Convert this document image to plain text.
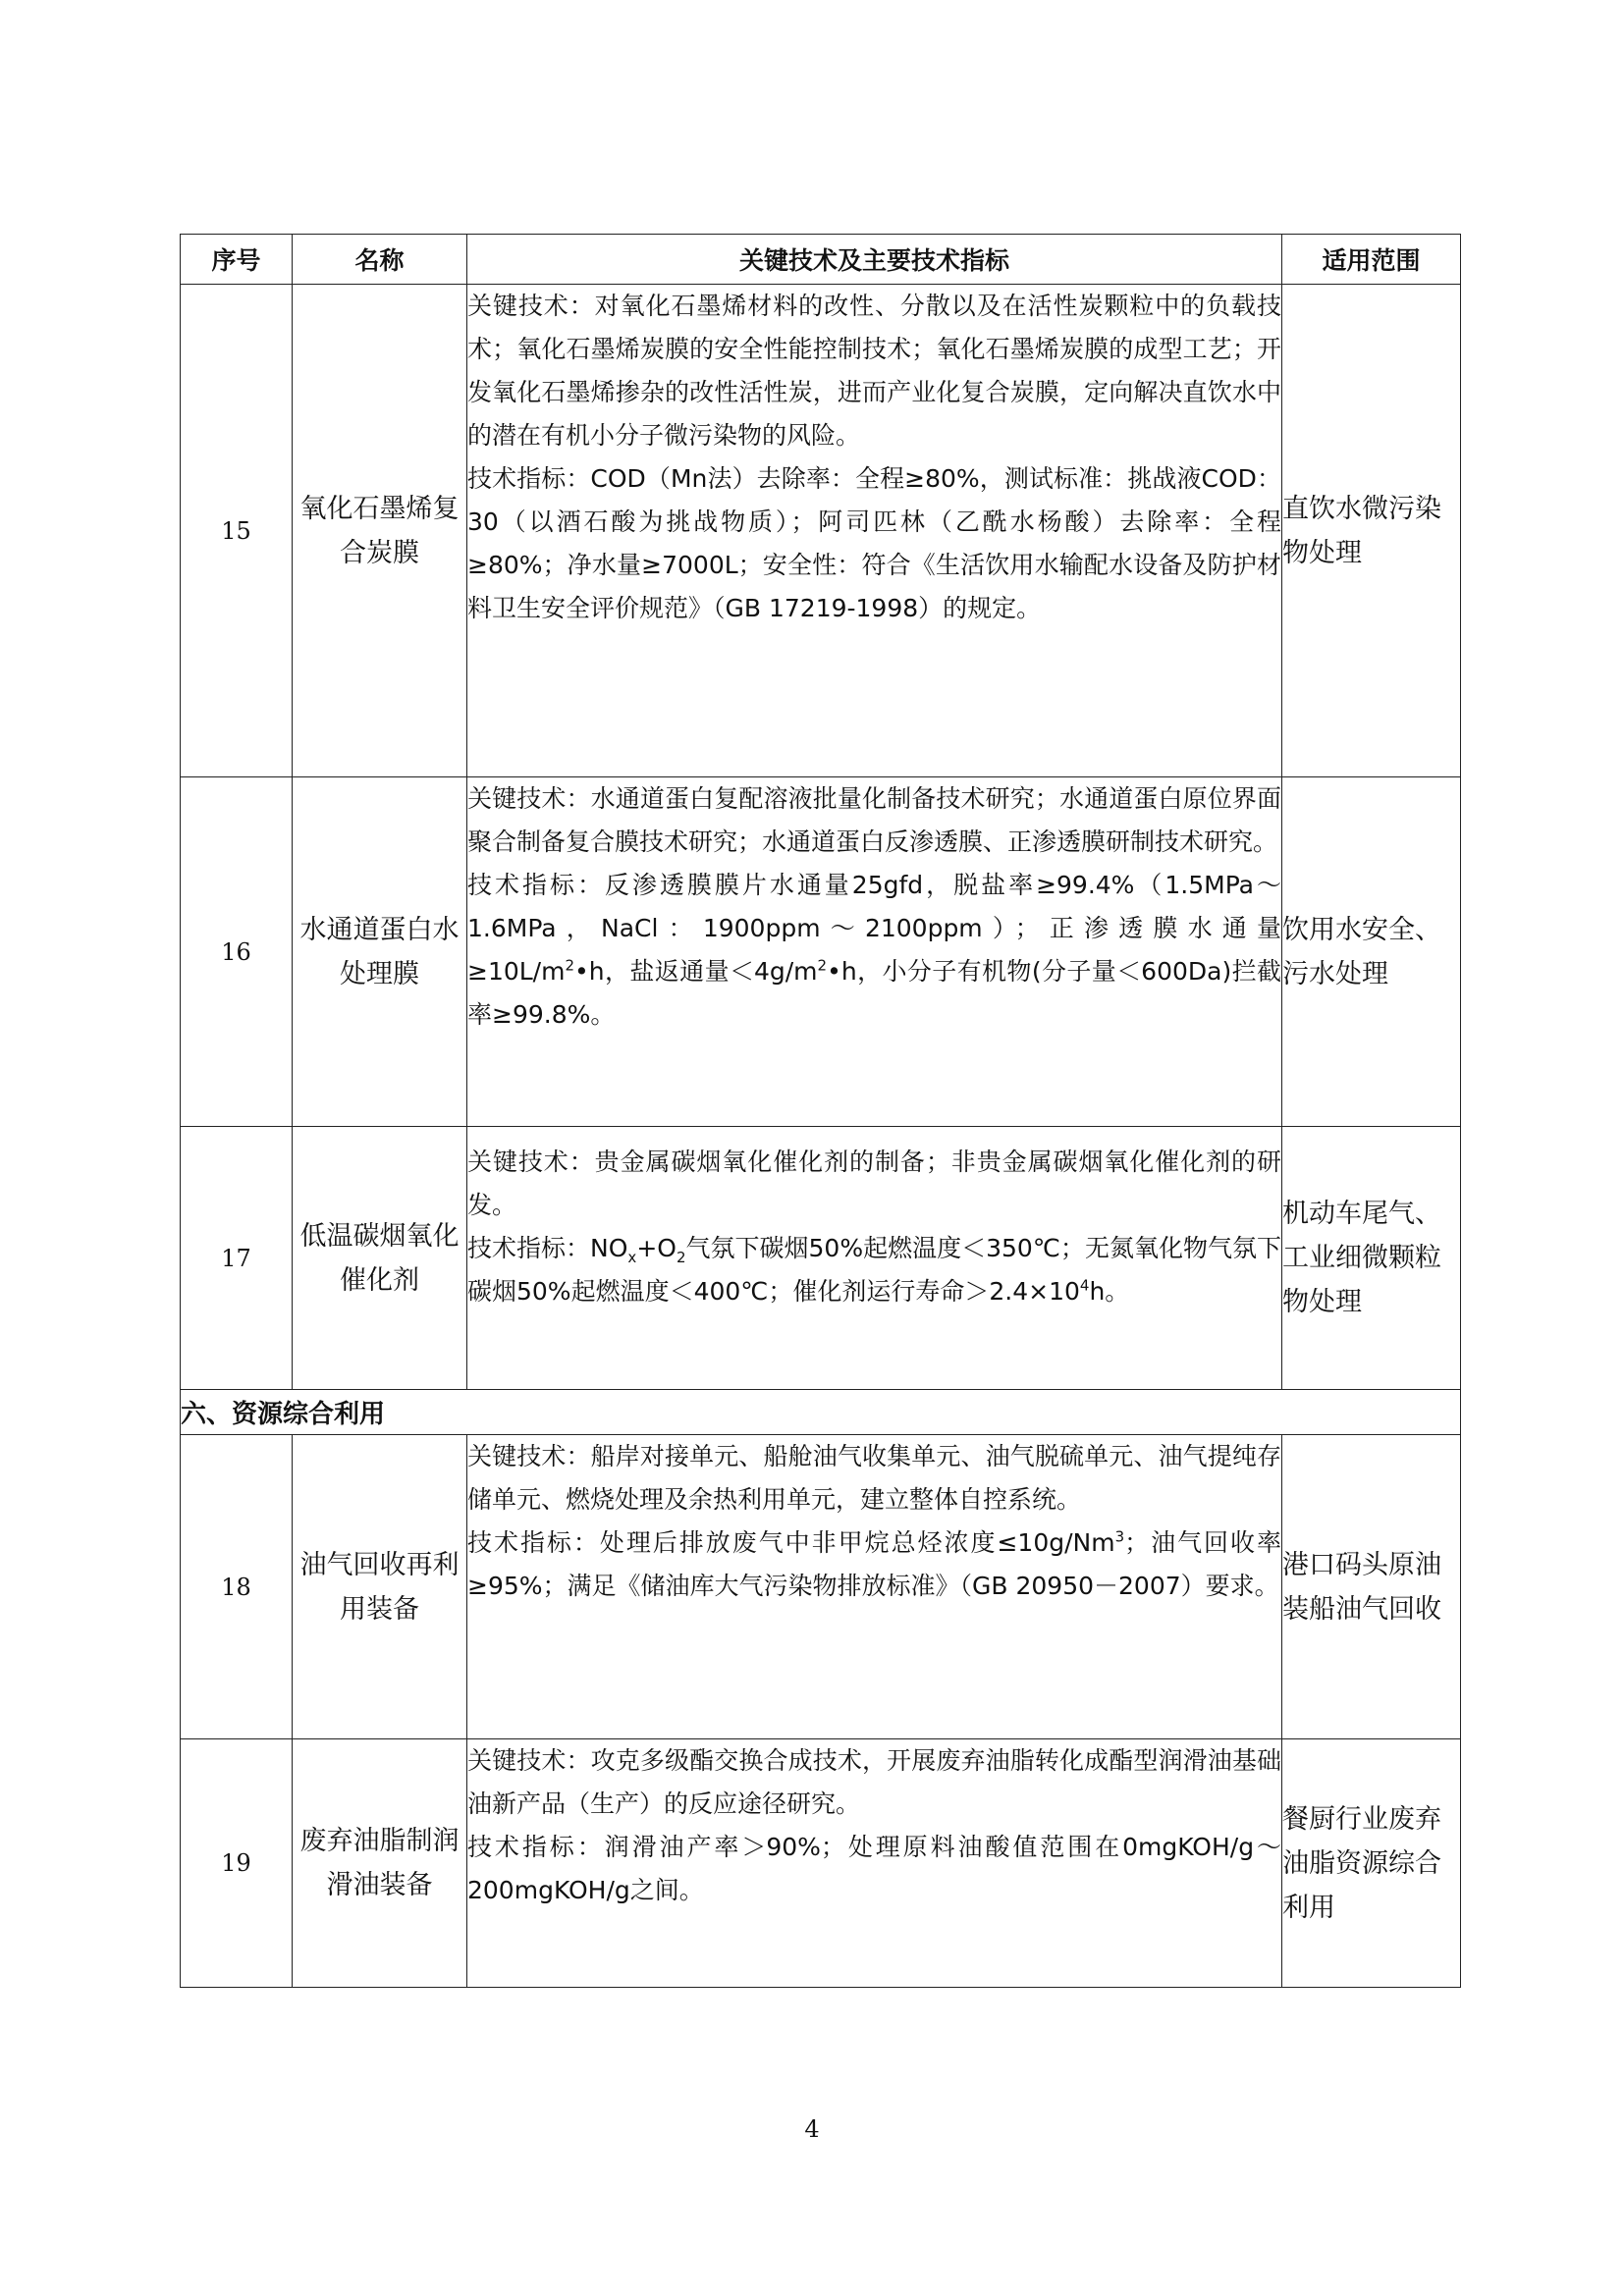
序号	名称	关键技术及主要技术指标	适用范围
15	氧化石墨烯复合炭膜	关键技术：对氧化石墨烯材料的改性、分散以及在活性炭颗粒中的负载技术；氧化石墨烯炭膜的安全性能控制技术；氧化石墨烯炭膜的成型工艺；开发氧化石墨烯掺杂的改性活性炭，进而产业化复合炭膜，定向解决直饮水中的潜在有机小分子微污染物的风险。

技术指标：COD（Mn法）去除率：全程≥80%，测试标准：挑战液COD：30（以酒石酸为挑战物质）；阿司匹林（乙酰水杨酸）去除率：全程≥80%；净水量≥7000L；安全性：符合《生活饮用水输配水设备及防护材料卫生安全评价规范》（GB 17219-1998）的规定。	直饮水微污染物处理
16	水通道蛋白水处理膜	关键技术：水通道蛋白复配溶液批量化制备技术研究；水通道蛋白原位界面聚合制备复合膜技术研究；水通道蛋白反渗透膜、正渗透膜研制技术研究。

技术指标：反渗透膜膜片水通量25gfd，脱盐率≥99.4%（1.5MPa～1.6MPa，NaCl：1900ppm～2100ppm）；正渗透膜水通量$\ge 10L/m^2•h$，盐返通量$<4g/m^2•h$，小分子有机物(分子量＜600Da)拦截率≥99.8%。	饮用水安全、污水处理
17	低温碳烟氧化催化剂	关键技术：贵金属碳烟氧化催化剂的制备；非贵金属碳烟氧化催化剂的研发。

技术指标：$NO_x+O_2$气氛下碳烟50%起燃温度＜350℃；无氮氧化物气氛下碳烟50%起燃温度＜400℃；催化剂运行寿命$>2.4\times 10^4h$。	机动车尾气、工业细微颗粒物处理
六、资源综合利用			
18	油气回收再利用装备	关键技术：船岸对接单元、船舱油气收集单元、油气脱硫单元、油气提纯存储单元、燃烧处理及余热利用单元，建立整体自控系统。

技术指标：处理后排放废气中非甲烷总烃浓度$\le 10g/Nm^3$；油气回收率≥95%；满足《储油库大气污染物排放标准》（GB 20950－2007）要求。	港口码头原油装船油气回收
19	废弃油脂制润滑油装备	关键技术：攻克多级酯交换合成技术，开展废弃油脂转化成酯型润滑油基础油新产品（生产）的反应途径研究。

技术指标：润滑油产率＞90%；处理原料油酸值范围在0mgKOH/g～200mgKOH/g之间。	餐厨行业废弃油脂资源综合利用
4
